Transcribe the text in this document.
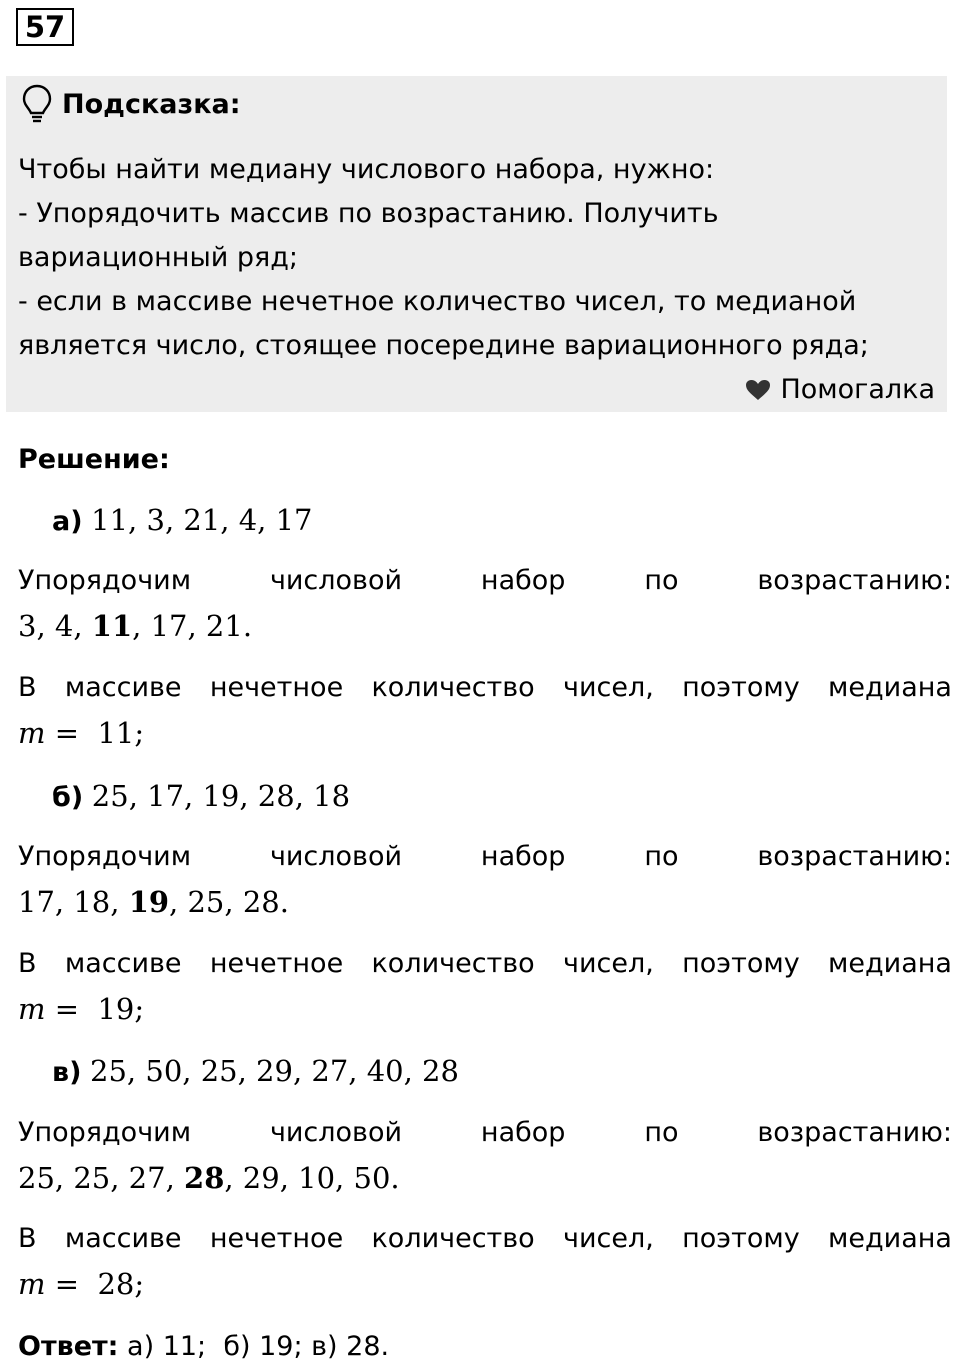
57
Подсказка:
Чтобы найти медиану числового набора, нужно:
- Упорядочить массив по возрастанию. Получить
вариационный ряд;
- если в массиве нечетное количество чисел, то медианой
является число, стоящее посередине вариационного ряда;
Помогалка
Решение:
а) 11, 3, 21, 4, 17
Упорядочим	числовой	набор	по	возрастанию:
3, 4, 11, 17, 21.
В массиве нечетное количество чисел, поэтому медиана
m =  11;
б) 25, 17, 19, 28, 18
Упорядочим	числовой	набор	по	возрастанию:
17, 18, 19, 25, 28.
В массиве нечетное количество чисел, поэтому медиана
m =  19;
в) 25, 50, 25, 29, 27, 40, 28
Упорядочим	числовой	набор	по	возрастанию:
25, 25, 27, 28, 29, 10, 50.
В массиве нечетное количество чисел, поэтому медиана
m =  28;
Ответ: а) 11;  б) 19; в) 28.
